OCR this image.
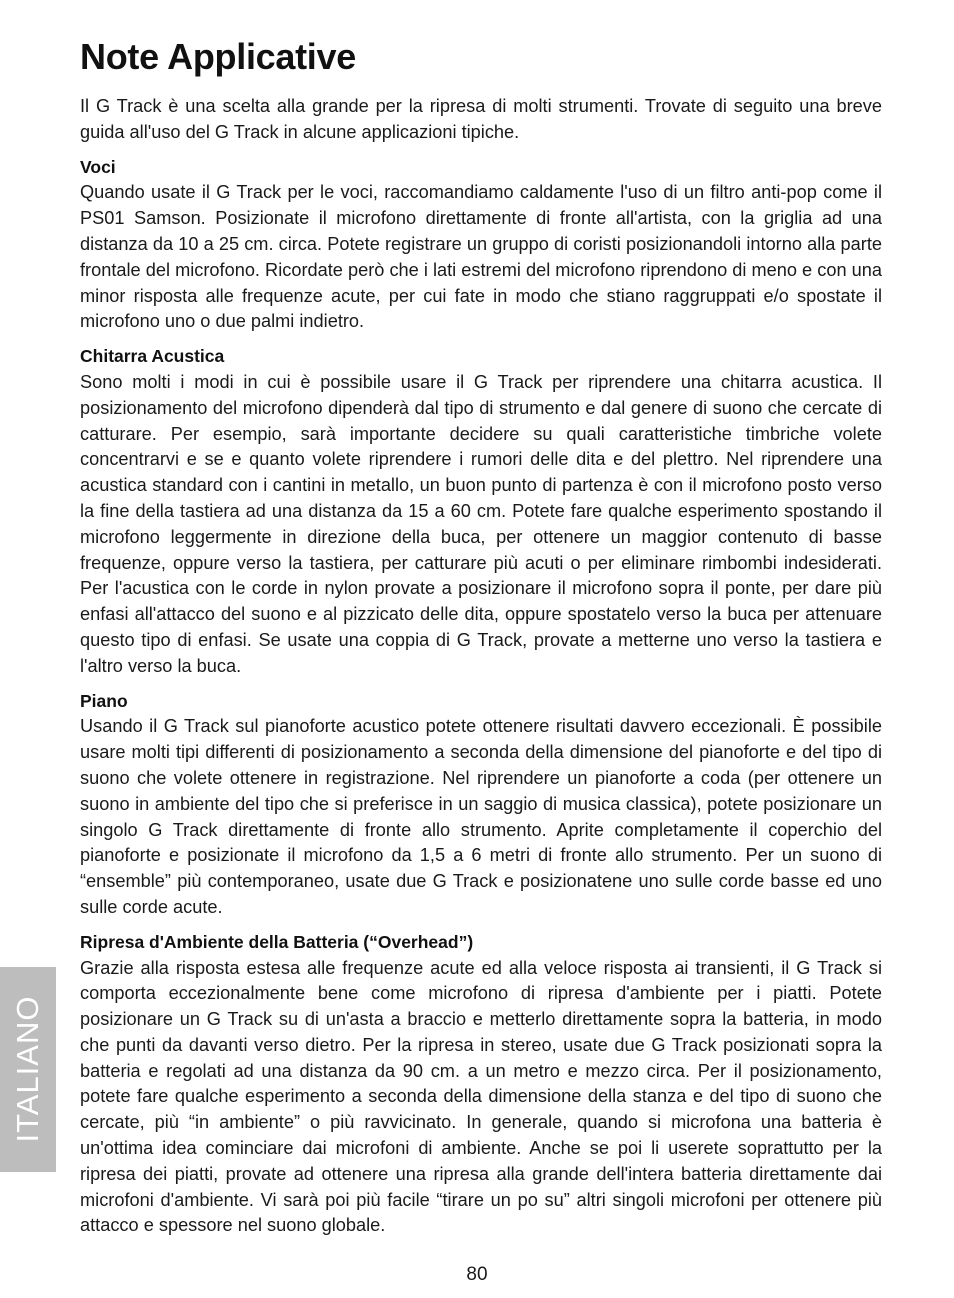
Note Applicative

Il G Track è una scelta alla grande per la ripresa di molti strumenti. Trovate di seguito una breve guida all'uso del G Track in alcune applicazioni tipiche.

Voci

Quando usate il G Track per le voci, raccomandiamo caldamente l'uso di un filtro anti-pop come il PS01 Samson. Posizionate il microfono direttamente di fronte all'artista, con la griglia ad una distanza da 10 a 25 cm. circa. Potete registrare un gruppo di coristi posizionandoli intorno alla parte frontale del microfono. Ricordate però che i lati estremi del microfono riprendono di meno e con una minor risposta alle frequenze acute, per cui fate in modo che stiano raggruppati e/o spostate il microfono uno o due palmi indietro.

Chitarra Acustica

Sono molti i modi in cui è possibile usare il G Track per riprendere una chitarra acustica. Il posizionamento del microfono dipenderà dal tipo di strumento e dal genere di suono che cercate di catturare. Per esempio, sarà importante decidere su quali caratteristiche timbriche volete concentrarvi e se e quanto volete riprendere i rumori delle dita e del plettro. Nel riprendere una acustica standard con i cantini in metallo, un buon punto di partenza è con il microfono posto verso la fine della tastiera ad una distanza da 15 a 60 cm. Potete fare qualche esperimento spostando il microfono leggermente in direzione della buca, per ottenere un maggior contenuto di basse frequenze, oppure verso la tastiera, per catturare più acuti o per eliminare rimbombi indesiderati. Per l'acustica con le corde in nylon provate a posizionare il microfono sopra il ponte, per dare più enfasi all'attacco del suono e al pizzicato delle dita, oppure spostatelo verso la buca per attenuare questo tipo di enfasi. Se usate una coppia di G Track, provate a metterne uno verso la tastiera e l'altro verso la buca.

Piano

Usando il G Track sul pianoforte acustico potete ottenere risultati davvero eccezionali. È possibile usare molti tipi differenti di posizionamento a seconda della dimensione del pianoforte e del tipo di suono che volete ottenere in registrazione. Nel riprendere un pianoforte a coda (per ottenere un suono in ambiente del tipo che si preferisce in un saggio di musica classica), potete posizionare un singolo G Track direttamente di fronte allo strumento. Aprite completamente il coperchio del pianoforte e posizionate il microfono da 1,5 a 6 metri di fronte allo strumento. Per un suono di “ensemble” più contemporaneo, usate due G Track e posizionatene uno sulle corde basse ed uno sulle corde acute.

Ripresa d'Ambiente della Batteria (“Overhead”)

Grazie alla risposta estesa alle frequenze acute ed alla veloce risposta ai transienti, il G Track si comporta eccezionalmente bene come microfono di ripresa d'ambiente per i piatti. Potete posizionare un G Track su di un'asta a braccio e metterlo direttamente sopra la batteria, in modo che punti da davanti verso dietro. Per la ripresa in stereo, usate due G Track posizionati sopra la batteria e regolati ad una distanza da 90 cm. a un metro e mezzo circa. Per il posizionamento, potete fare qualche esperimento a seconda della dimensione della stanza e del tipo di suono che cercate, più “in ambiente” o più ravvicinato. In generale, quando si microfona una batteria è un'ottima idea cominciare dai microfoni di ambiente. Anche se poi li userete soprattutto per la ripresa dei piatti, provate ad ottenere una ripresa alla grande dell'intera batteria direttamente dai microfoni d'ambiente. Vi sarà poi più facile “tirare un po su” altri singoli microfoni per ottenere più attacco e spessore nel suono globale.

ITALIANO
80
